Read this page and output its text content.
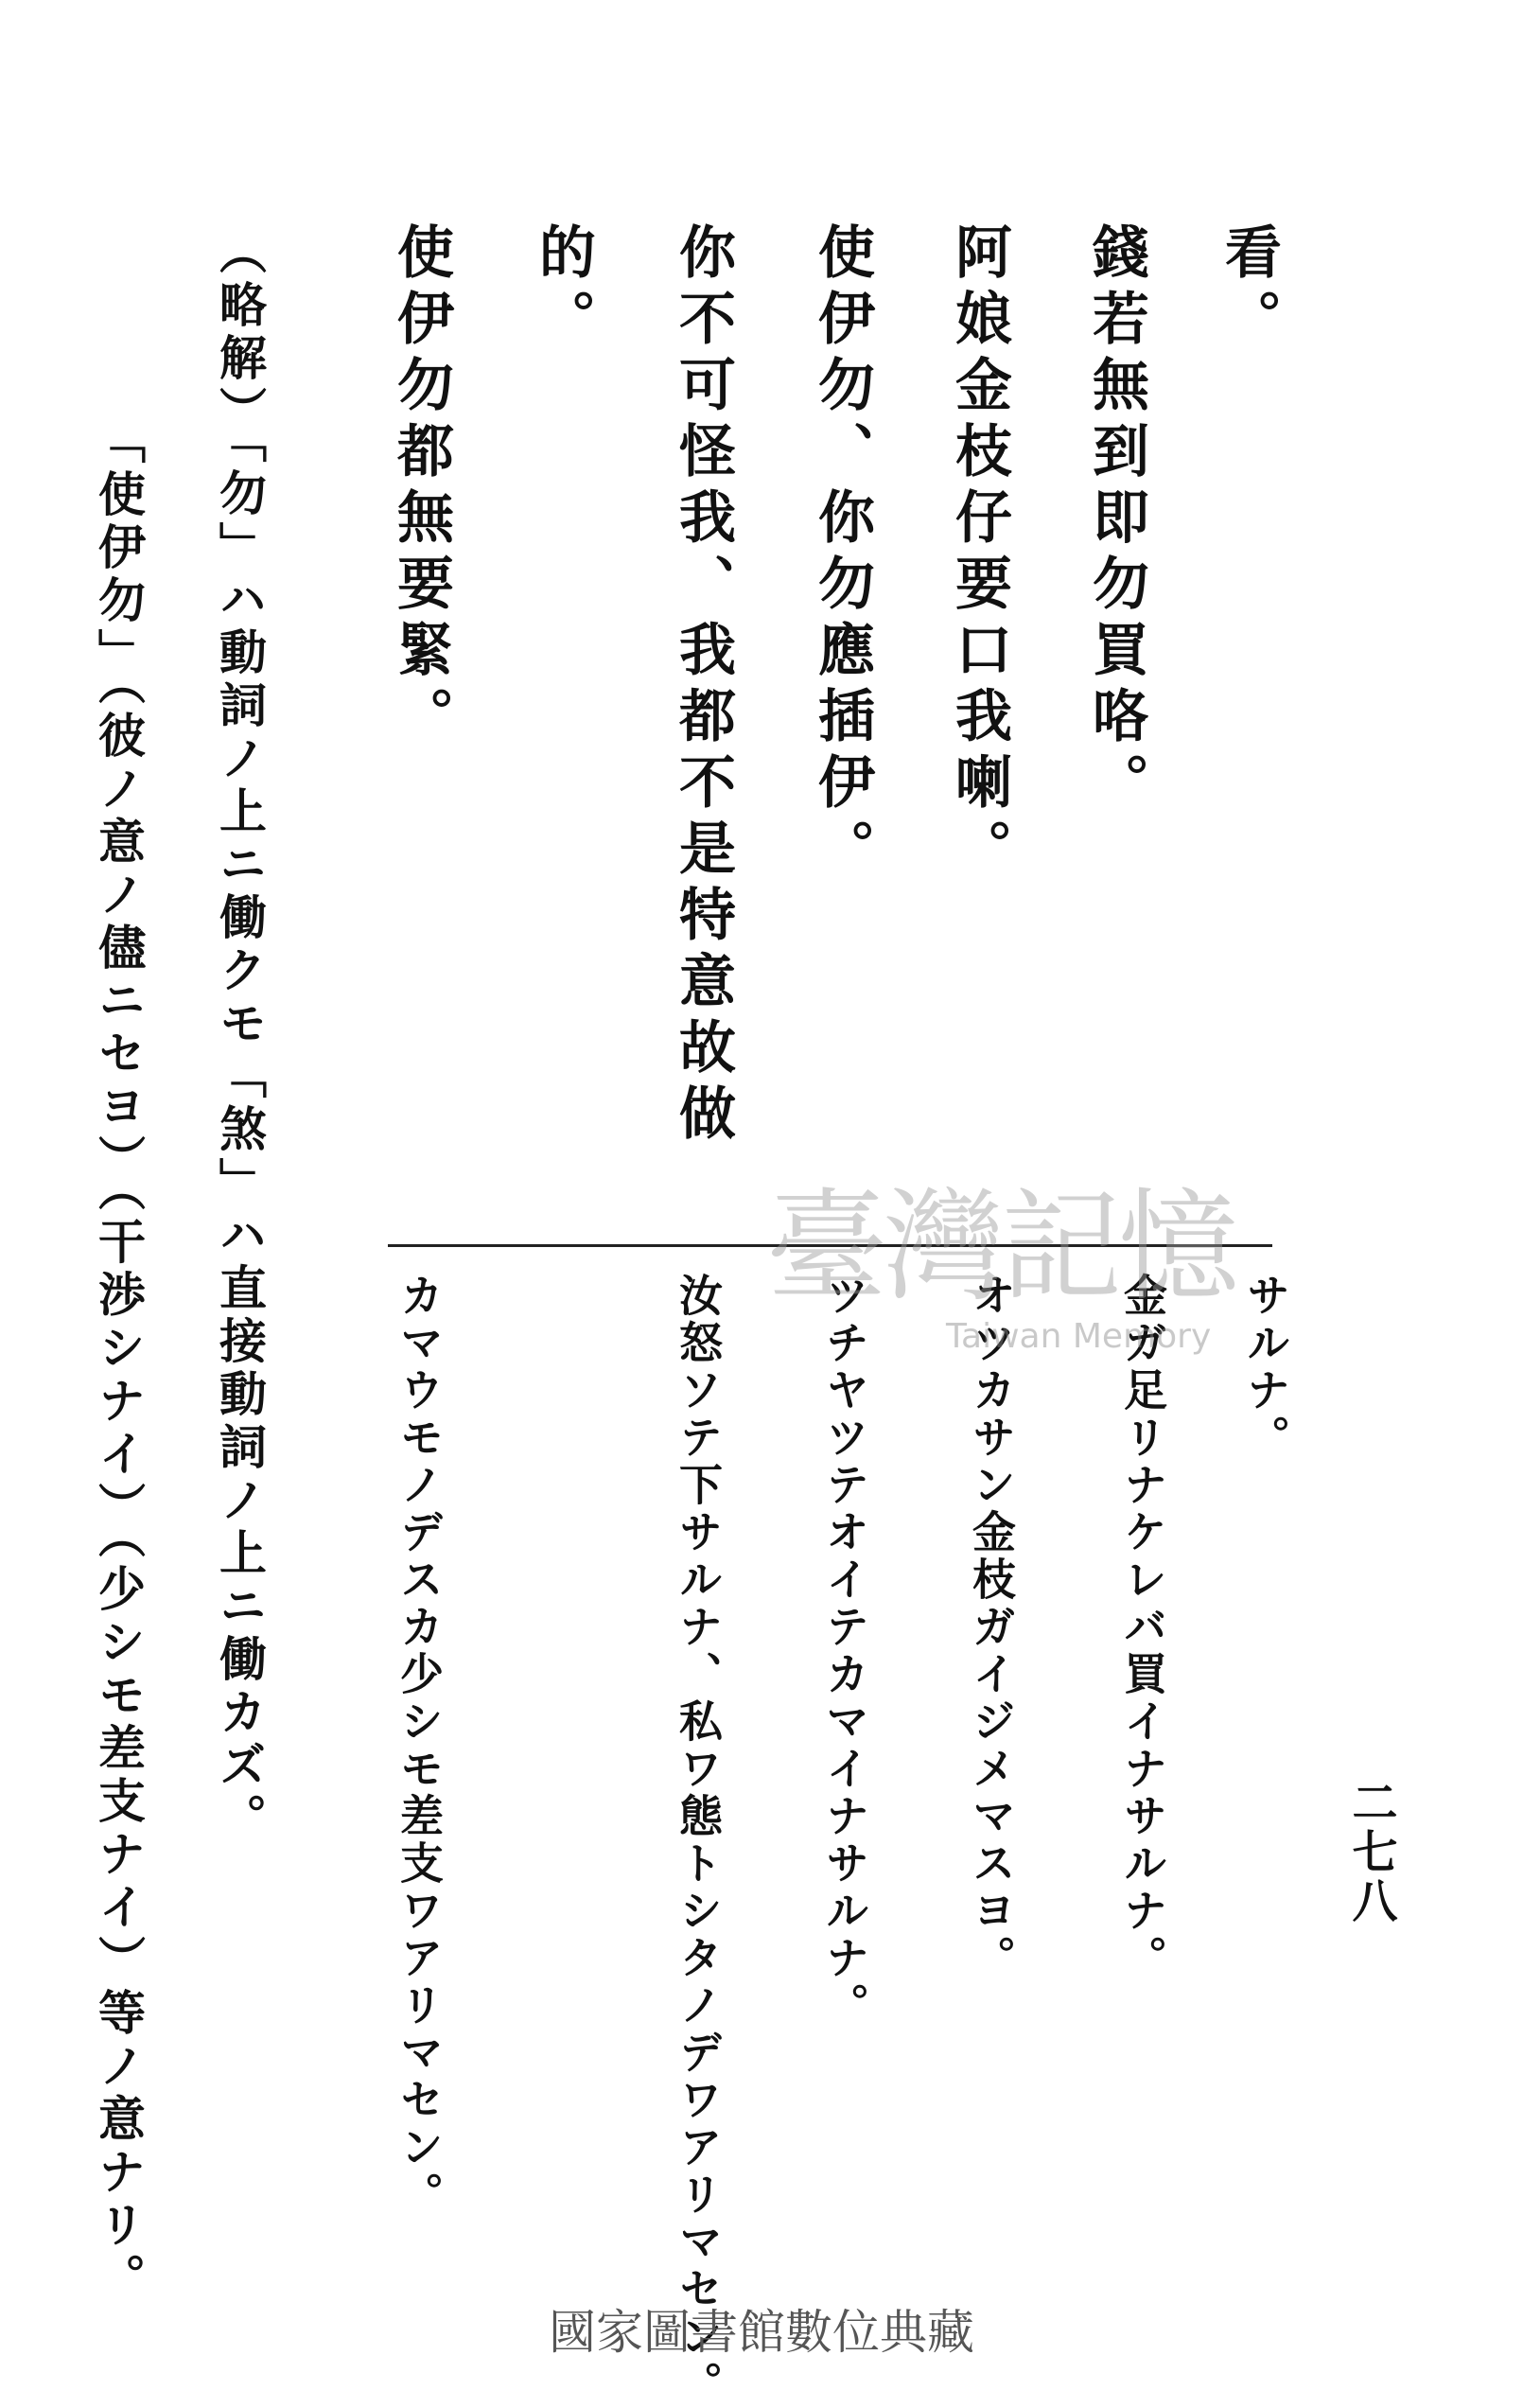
二七八

看。

錢若無到即勿買咯。

阿娘金枝仔要口我喇。

使伊勿、你勿應插伊。

你不可怪我、我都不是特意故做

的。

使伊勿都無要緊。

（略解）「勿」ハ動詞ノ上ニ働クモ「煞」ハ直接動詞ノ上ニ働カズ。

「使伊勿」（彼ノ意ノ儘ニセヨ）（干渉シナイ）（少シモ差支ナイ）等ノ意ナリ。	サルナ。

金ガ足リナケレバ買イナサルナ。

オツカサン金枝ガイジメマスヨ。

ツチヤツテオイテカマイナサルナ。

汝怒ソテ下サルナ、私ワ態トシタノデワアリマセン。

カマウモノデスカ少シモ差支ワアリマセン。

臺灣記憶
Taiwan Memory
國家圖書館數位典藏
